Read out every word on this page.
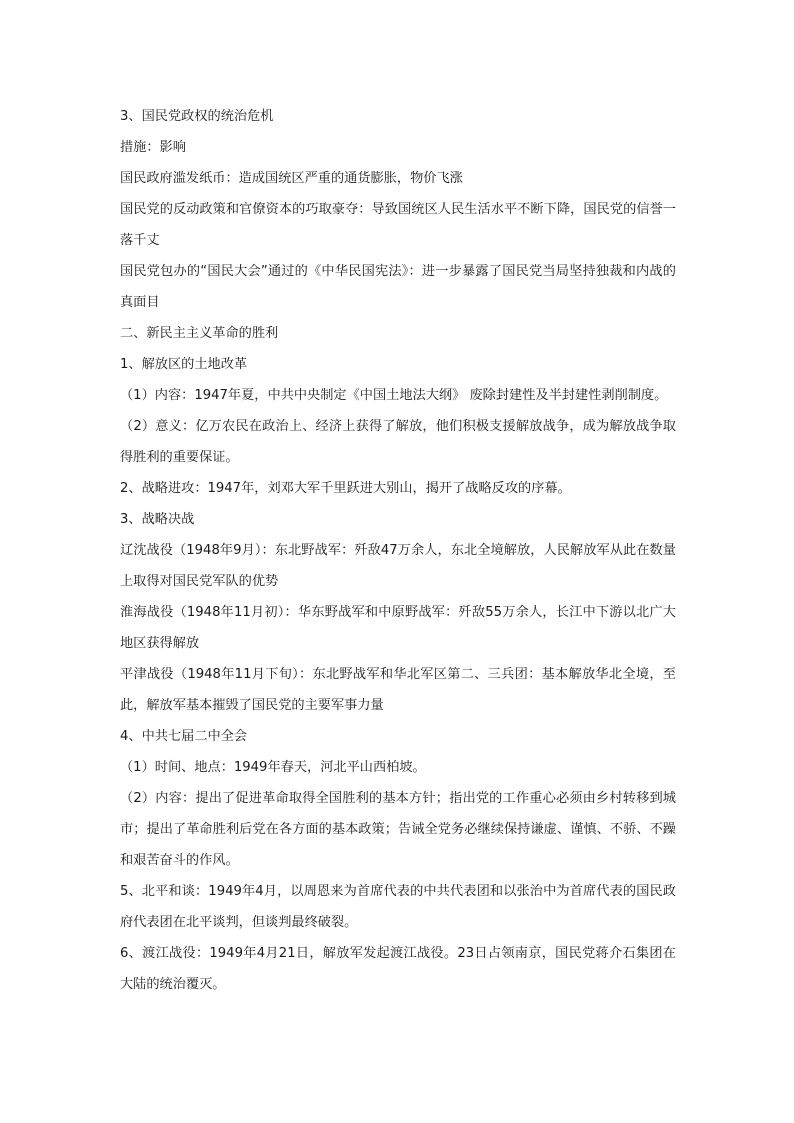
3、国民党政权的统治危机

措施：影响

国民政府滥发纸币：造成国统区严重的通货膨胀，物价飞涨

国民党的反动政策和官僚资本的巧取豪夺：导致国统区人民生活水平不断下降，国民党的信誉一落千丈

国民党包办的“国民大会”通过的《中华民国宪法》：进一步暴露了国民党当局坚持独裁和内战的真面目

二、新民主主义革命的胜利

1、解放区的土地改革

（1）内容：1947年夏，中共中央制定《中国土地法大纲》 废除封建性及半封建性剥削制度。

（2）意义：亿万农民在政治上、经济上获得了解放，他们积极支援解放战争，成为解放战争取得胜利的重要保证。

2、战略进攻：1947年，刘邓大军千里跃进大别山，揭开了战略反攻的序幕。

3、战略决战

辽沈战役（1948年9月）：东北野战军：歼敌47万余人，东北全境解放，人民解放军从此在数量上取得对国民党军队的优势

淮海战役（1948年11月初）：华东野战军和中原野战军：歼敌55万余人，长江中下游以北广大地区获得解放

平津战役（1948年11月下旬）：东北野战军和华北军区第二、三兵团：基本解放华北全境，至此，解放军基本摧毁了国民党的主要军事力量

4、中共七届二中全会

（1）时间、地点：1949年春天，河北平山西柏坡。

（2）内容：提出了促进革命取得全国胜利的基本方针；指出党的工作重心必须由乡村转移到城市；提出了革命胜利后党在各方面的基本政策；告诫全党务必继续保持谦虚、谨慎、不骄、不躁和艰苦奋斗的作风。

5、北平和谈：1949年4月，以周恩来为首席代表的中共代表团和以张治中为首席代表的国民政府代表团在北平谈判，但谈判最终破裂。

6、渡江战役：1949年4月21日，解放军发起渡江战役。23日占领南京，国民党蒋介石集团在大陆的统治覆灭。
